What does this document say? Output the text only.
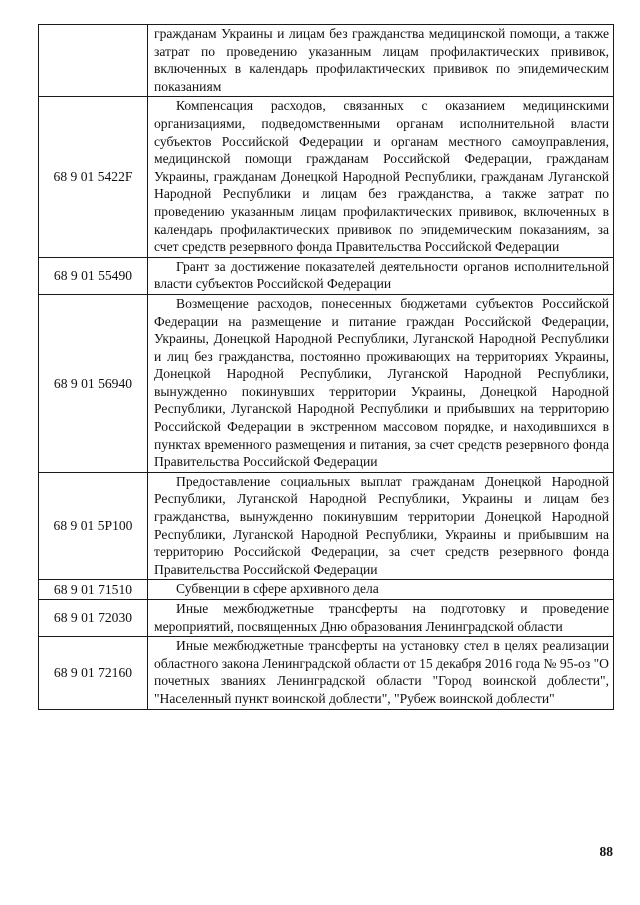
	гражданам Украины и лицам без гражданства медицинской помощи, а также затрат по проведению указанным лицам профилактических прививок, включенных в календарь профилактических прививок по эпидемическим показаниям
68 9 01 5422F	Компенсация расходов, связанных с оказанием медицинскими организациями, подведомственными органам исполнительной власти субъектов Российской Федерации и органам местного самоуправления, медицинской помощи гражданам Российской Федерации, гражданам Украины, гражданам Донецкой Народной Республики, гражданам Луганской Народной Республики и лицам без гражданства, а также затрат по проведению указанным лицам профилактических прививок, включенных в календарь профилактических прививок по эпидемическим показаниям, за счет средств резервного фонда Правительства Российской Федерации
68 9 01 55490	Грант за достижение показателей деятельности органов исполнительной власти субъектов Российской Федерации
68 9 01 56940	Возмещение расходов, понесенных бюджетами субъектов Российской Федерации на размещение и питание граждан Российской Федерации, Украины, Донецкой Народной Республики, Луганской Народной Республики и лиц без гражданства, постоянно проживающих на территориях Украины, Донецкой Народной Республики, Луганской Народной Республики, вынужденно покинувших территории Украины, Донецкой Народной Республики, Луганской Народной Республики и прибывших на территорию Российской Федерации в экстренном массовом порядке, и находившихся в пунктах временного размещения и питания, за счет средств резервного фонда Правительства Российской Федерации
68 9 01 5Р100	Предоставление социальных выплат гражданам Донецкой Народной Республики, Луганской Народной Республики, Украины и лицам без гражданства, вынужденно покинувшим территории Донецкой Народной Республики, Луганской Народной Республики, Украины и прибывшим на территорию Российской Федерации, за счет средств резервного фонда Правительства Российской Федерации
68 9 01 71510	Субвенции в сфере архивного дела
68 9 01 72030	Иные межбюджетные трансферты на подготовку и проведение мероприятий, посвященных Дню образования Ленинградской области
68 9 01 72160	Иные межбюджетные трансферты на установку стел в целях реализации областного закона Ленинградской области от 15 декабря 2016 года № 95-оз "О почетных званиях Ленинградской области "Город воинской доблести", "Населенный пункт воинской доблести", "Рубеж воинской доблести"
88
